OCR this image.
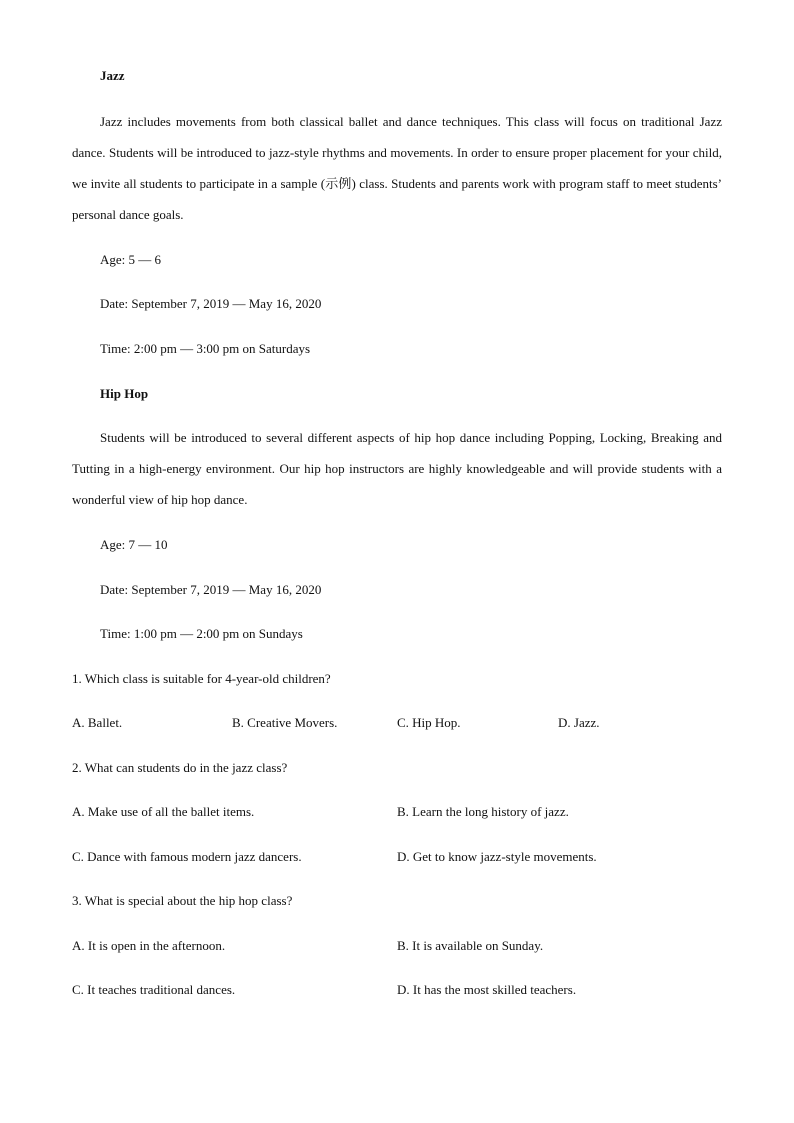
Jazz
Jazz includes movements from both classical ballet and dance techniques. This class will focus on traditional Jazz dance. Students will be introduced to jazz-style rhythms and movements. In order to ensure proper placement for your child, we invite all students to participate in a sample (示例) class. Students and parents work with program staff to meet students’ personal dance goals.
Age: 5 — 6
Date: September 7, 2019 — May 16, 2020
Time: 2:00 pm — 3:00 pm on Saturdays
Hip Hop
Students will be introduced to several different aspects of hip hop dance including Popping, Locking, Breaking and Tutting in a high-energy environment. Our hip hop instructors are highly knowledgeable and will provide students with a wonderful view of hip hop dance.
Age: 7 — 10
Date: September 7, 2019 — May 16, 2020
Time: 1:00 pm — 2:00 pm on Sundays
1. Which class is suitable for 4-year-old children?
A. Ballet.	B. Creative Movers.	C. Hip Hop.	D. Jazz.
2. What can students do in the jazz class?
A. Make use of all the ballet items.	B. Learn the long history of jazz.
C. Dance with famous modern jazz dancers.	D. Get to know jazz-style movements.
3. What is special about the hip hop class?
A. It is open in the afternoon.	B. It is available on Sunday.
C. It teaches traditional dances.	D. It has the most skilled teachers.
